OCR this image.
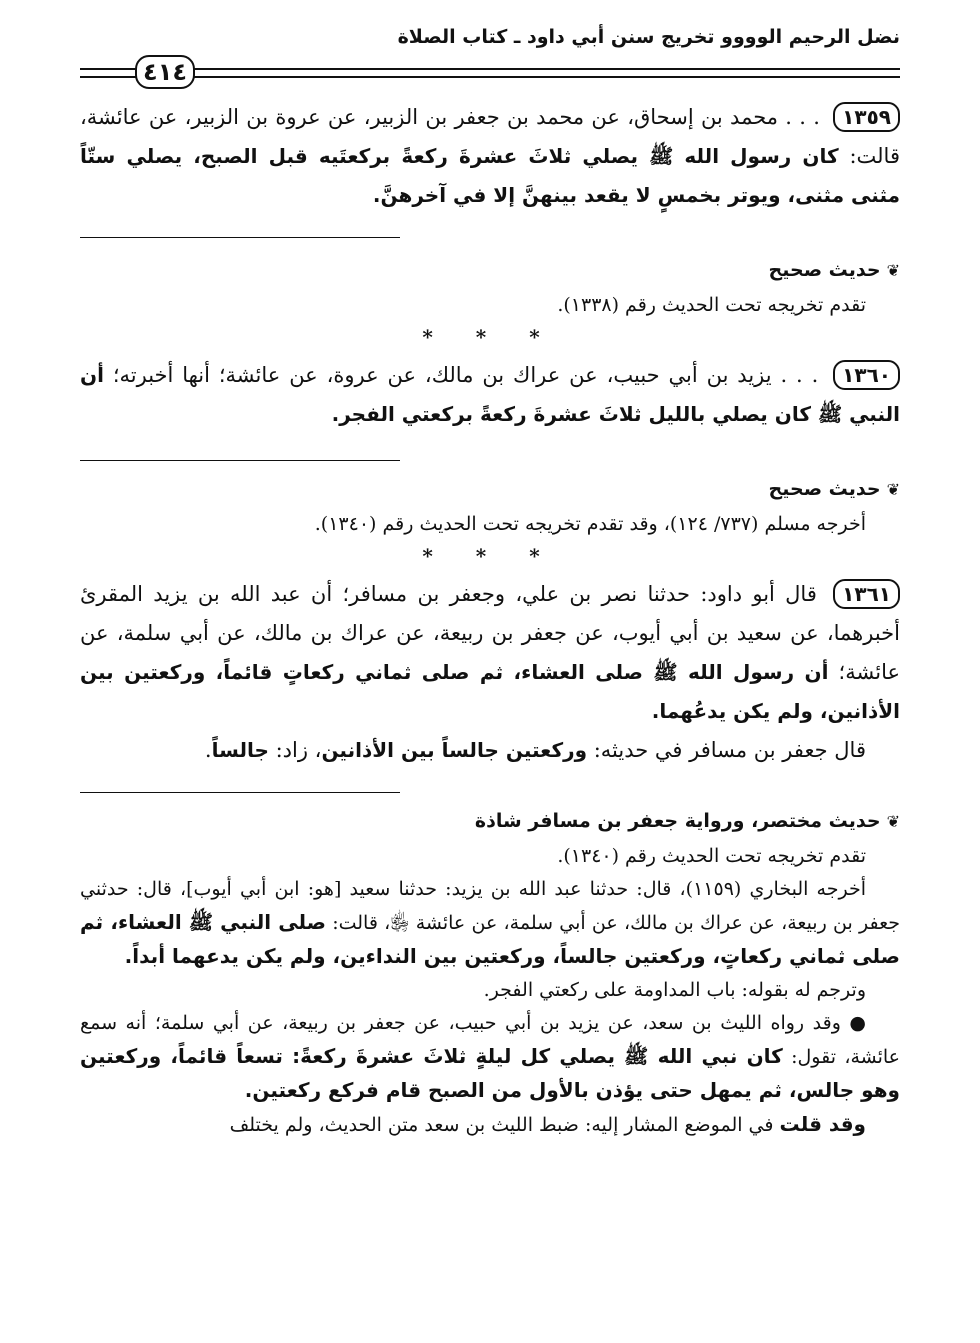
نضل الرحيم الوووو تخريج سنن أبي داود ـ كتاب الصلاة
٤١٤

١٣٥٩ . . . محمد بن إسحاق، عن محمد بن جعفر بن الزبير، عن عروة بن الزبير، عن عائشة، قالت: كان رسول الله ﷺ يصلي ثلاثَ عشرةَ ركعةً بركعتَيه قبل الصبح، يصلي ستّاً مثنى مثنى، ويوتر بخمسٍ لا يقعد بينهنَّ إلا في آخرهنَّ.

❦حديث صحيح

تقدم تخريجه تحت الحديث رقم (١٣٣٨).

* * *

١٣٦٠ . . . يزيد بن أبي حبيب، عن عراك بن مالك، عن عروة، عن عائشة؛ أنها أخبرته؛ أن النبي ﷺ كان يصلي بالليل ثلاثَ عشرةَ ركعةً بركعتي الفجر.

❦حديث صحيح

أخرجه مسلم (٧٣٧/ ١٢٤)، وقد تقدم تخريجه تحت الحديث رقم (١٣٤٠).

* * *

١٣٦١ قال أبو داود: حدثنا نصر بن علي، وجعفر بن مسافر؛ أن عبد الله بن يزيد المقرئ أخبرهما، عن سعيد بن أبي أيوب، عن جعفر بن ربيعة، عن عراك بن مالك، عن أبي سلمة، عن عائشة؛ أن رسول الله ﷺ صلى العشاء، ثم صلى ثماني ركعاتٍ قائماً، وركعتين بين الأذانين، ولم يكن يدعُهما.

قال جعفر بن مسافر في حديثه: وركعتين جالساً بين الأذانين، زاد: جالساً.

❦حديث مختصر، ورواية جعفر بن مسافر شاذة

تقدم تخريجه تحت الحديث رقم (١٣٤٠).

أخرجه البخاري (١١٥٩)، قال: حدثنا عبد الله بن يزيد: حدثنا سعيد [هو: ابن أبي أيوب]، قال: حدثني جعفر بن ربيعة، عن عراك بن مالك، عن أبي سلمة، عن عائشة ﵂، قالت: صلى النبي ﷺ العشاء، ثم صلى ثماني ركعاتٍ، وركعتين جالساً، وركعتين بين النداءين، ولم يكن يدعهما أبداً.

وترجم له بقوله: باب المداومة على ركعتي الفجر.

● وقد رواه الليث بن سعد، عن يزيد بن أبي حبيب، عن جعفر بن ربيعة، عن أبي سلمة؛ أنه سمع عائشة، تقول: كان نبي الله ﷺ يصلي كل ليلةٍ ثلاثَ عشرةَ ركعةً: تسعاً قائماً، وركعتين وهو جالس، ثم يمهل حتى يؤذن بالأول من الصبح قام فركع ركعتين.

وقد قلت في الموضع المشار إليه: ضبط الليث بن سعد متن الحديث، ولم يختلف
